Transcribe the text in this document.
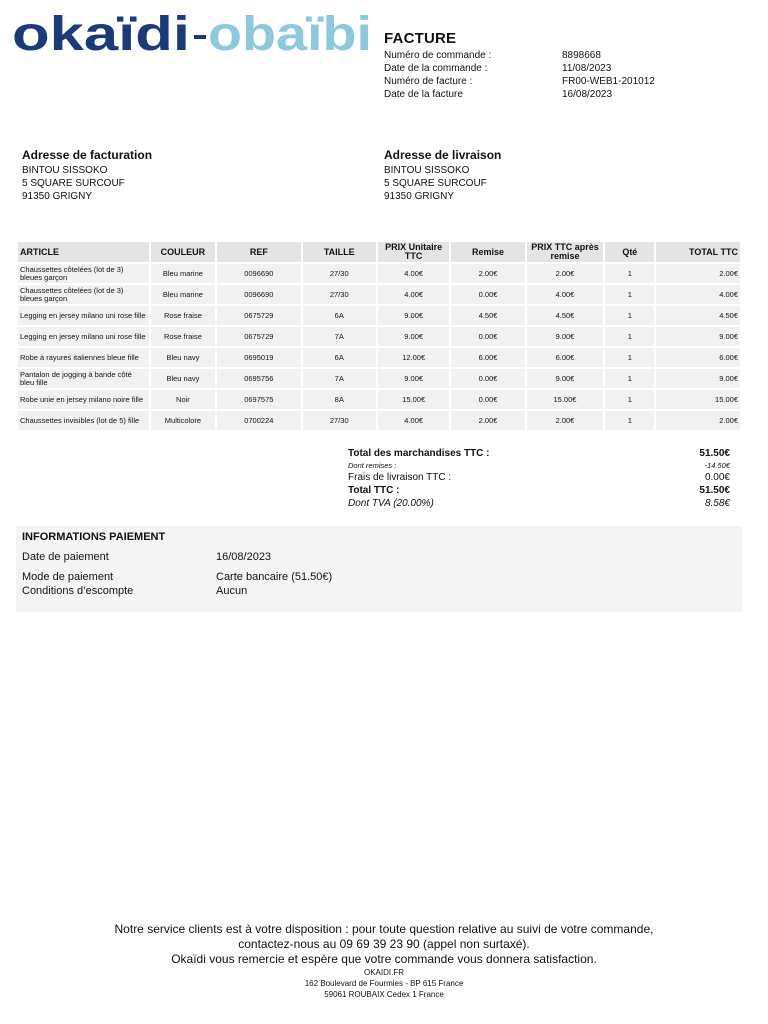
okaïdi obaïbi FACTURE
Numéro de commande :	8898668
Date de la commande :	11/08/2023
Numéro de facture :	FR00-WEB1-201012
Date de la facture	16/08/2023
Adresse de facturation
BINTOU SISSOKO
5 SQUARE SURCOUF
91350 GRIGNY
Adresse de livraison
BINTOU SISSOKO
5 SQUARE SURCOUF
91350 GRIGNY
ARTICLE	COULEUR	REF	TAILLE	PRIX Unitaire TTC	Remise	PRIX TTC après remise	Qté	TOTAL TTC
Chaussettes côtelées (lot de 3) bleues garçon	Bleu marine	0096690	27/30	4.00€	2.00€	2.00€	1	2.00€
Chaussettes côtelées (lot de 3) bleues garçon	Bleu marine	0096690	27/30	4.00€	0.00€	4.00€	1	4.00€
Legging en jersey milano uni rose fille	Rose fraise	0675729	6A	9.00€	4.50€	4.50€	1	4.50€
Legging en jersey milano uni rose fille	Rose fraise	0675729	7A	9.00€	0.00€	9.00€	1	9.00€
Robe à rayures italiennes bleue fille	Bleu navy	0695019	6A	12.00€	6.00€	6.00€	1	6.00€
Pantalon de jogging à bande côté bleu fille	Bleu navy	0695756	7A	9.00€	0.00€	9.00€	1	9.00€
Robe unie en jersey milano noire fille	Noir	0697575	8A	15.00€	0.00€	15.00€	1	15.00€
Chaussettes invisibles (lot de 5) fille	Multicolore	0700224	27/30	4.00€	2.00€	2.00€	1	2.00€
Total des marchandises TTC :	51.50€
Dont remises :	-14.50€
Frais de livraison TTC :	0.00€
Total TTC :	51.50€
Dont TVA (20.00%)	8.58€
INFORMATIONS PAIEMENT
Date de paiement	16/08/2023
Mode de paiement	Carte bancaire (51.50€)
Conditions d’escompte	Aucun
Notre service clients est à votre disposition : pour toute question relative au suivi de votre commande,
contactez-nous au 09 69 39 23 90 (appel non surtaxé).
Okaïdi vous remercie et espère que votre commande vous donnera satisfaction.
OKAIDI.FR
162 Boulevard de Fourmies - BP 615 France
59061 ROUBAIX Cedex 1 France
